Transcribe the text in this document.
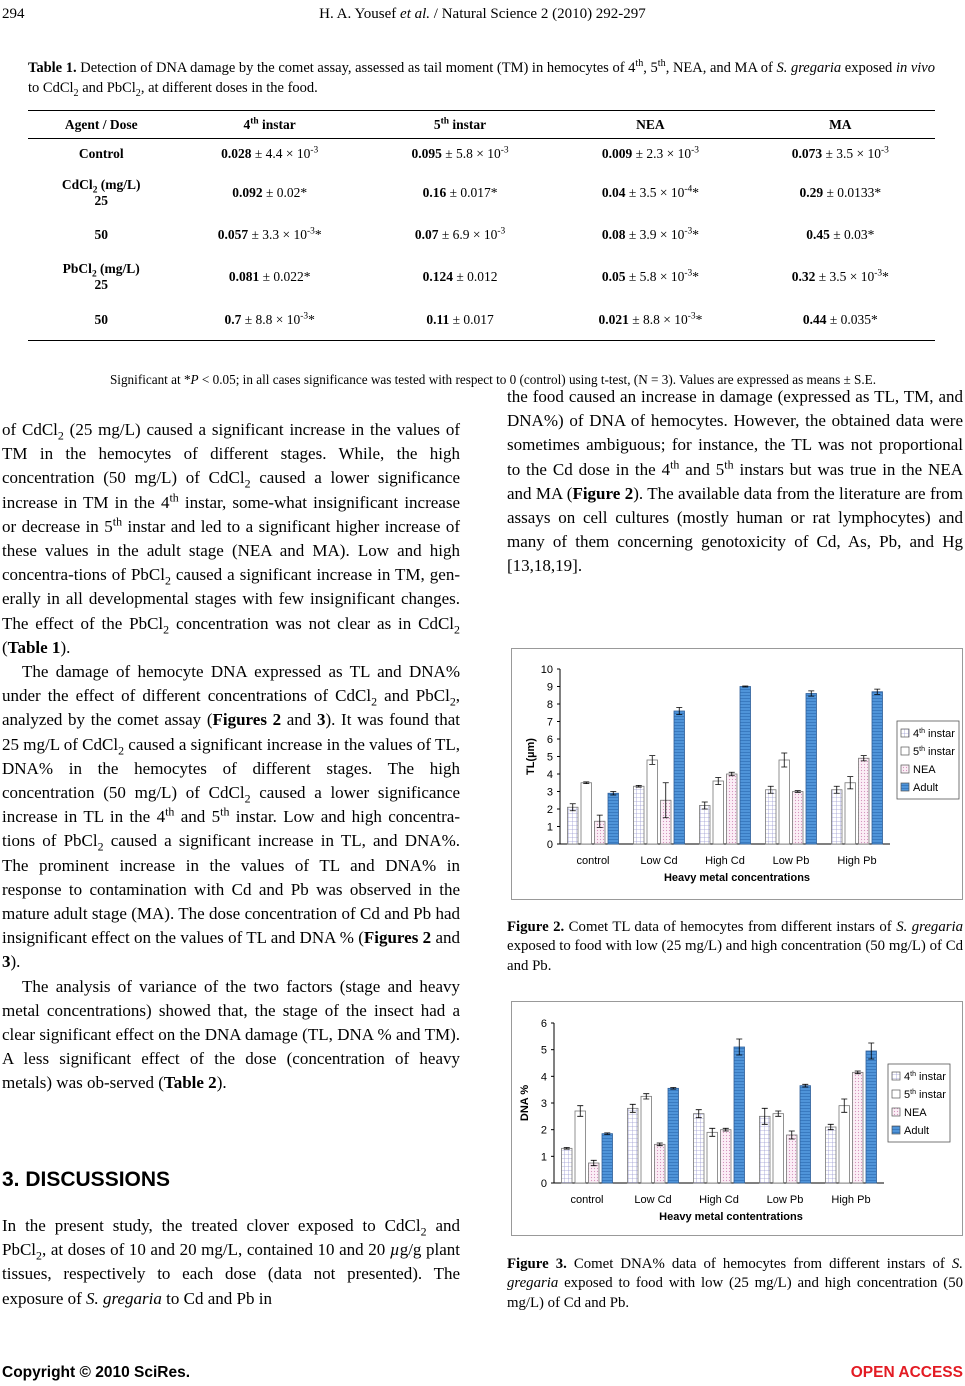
294	H. A. Yousef et al. / Natural Science 2 (2010) 292-297
Table 1. Detection of DNA damage by the comet assay, assessed as tail moment (TM) in hemocytes of 4th, 5th, NEA, and MA of S. gregaria exposed in vivo to CdCl$_2$ and PbCl$_2$, at different doses in the food.
Agent / Dose	4th instar	5th instar	NEA	MA
Control	$0.028 \pm 4.4 \times 10^{-3}$	$0.095 \pm 5.8 \times 10^{-3}$	$0.009 \pm 2.3 \times 10^{-3}$	$0.073 \pm 3.5 \times 10^{-3}$
CdCl$_2$ (mg/L)
25	0.092 ± 0.02*	0.16 ± 0.017*	$0.04 \pm 3.5 \times 10^{-4}*$	0.29 ± 0.0133*
50	$0.057 \pm 3.3 \times 10^{-3}*$	$0.07 \pm 6.9 \times 10^{-3}$	$0.08 \pm 3.9 \times 10^{-3}*$	0.45 ± 0.03*
PbCl$_2$ (mg/L)
25	0.081 ± 0.022*	0.124 ± 0.012	$0.05 \pm 5.8 \times 10^{-3}*$	$0.32 \pm 3.5 \times 10^{-3}*$
50	$0.7 \pm 8.8 \times 10^{-3}*$	0.11 ± 0.017	$0.021 \pm 8.8 \times 10^{-3}*$	0.44 ± 0.035*
Significant at *P < 0.05; in all cases significance was tested with respect to 0 (control) using t-test, (N = 3). Values are expressed as means ± S.E.

of CdCl$_2$ (25 mg/L) caused a significant increase in the values of TM in the hemocytes of different stages. While, the high concentration (50 mg/L) of CdCl$_2$ caused a lower significance increase in TM in the 4th instar, some-what insignificant increase or decrease in 5th instar and led to a significant higher increase of these values in the adult stage (NEA and MA). Low and high concentra-tions of PbCl$_2$ caused a significant increase in TM, gen-erally in all developmental stages with few insignificant changes. The effect of the PbCl$_2$ concentration was not clear as in CdCl$_2$ (Table 1).

The damage of hemocyte DNA expressed as TL and DNA% under the effect of different concentrations of CdCl$_2$ and PbCl$_2$, analyzed by the comet assay (Figures 2 and 3). It was found that 25 mg/L of CdCl$_2$ caused a significant increase in the values of TL, DNA% in the hemocytes of different stages. The high concentration (50 mg/L) of CdCl$_2$ caused a lower significance increase in TL in the 4th and 5th instar. Low and high concentra-tions of PbCl$_2$ caused a significant increase in TL, and DNA%. The prominent increase in the values of TL and DNA% in response to contamination with Cd and Pb was observed in the mature adult stage (MA). The dose concentration of Cd and Pb had insignificant effect on the values of TL and DNA % (Figures 2 and 3).

The analysis of variance of the two factors (stage and heavy metal concentrations) showed that, the stage of the insect had a clear significant effect on the DNA damage (TL, DNA % and TM). A less significant effect of the dose (concentration of heavy metals) was ob-served (Table 2).

3. DISCUSSIONS

In the present study, the treated clover exposed to CdCl$_2$ and PbCl$_2$, at doses of 10 and 20 mg/L, contained 10 and 20 µg/g plant tissues, respectively to each dose (data not presented). The exposure of S. gregaria to Cd and Pb in

the food caused an increase in damage (expressed as TL, TM, and DNA%) of DNA of hemocytes. However, the obtained data were sometimes ambiguous; for instance, the TL was not proportional to the Cd dose in the 4th and 5th instars but was true in the NEA and MA (Figure 2). The available data from the literature are from assays on cell cultures (mostly human or rat lymphocytes) and many of them concerning genotoxicity of Cd, As, Pb, and Hg [13,18,19].

0
1
2
3
4
5
6
7
8
9
10
TL(µm)
control	Low Cd High Cd	Low Pb	High Pb
Heavy metal concentrations
4th instar
5th instar
NEA
Adult
Figure 2. Comet TL data of hemocytes from different instars of S. gregaria exposed to food with low (25 mg/L) and high concentration (50 mg/L) of Cd and Pb.
0
1
2
3
4
5
6
DNA %
control	Low Cd High Cd	Low Pb	High Pb
Heavy metal contentrations
4th instar
5th instar
NEA
Adult
Figure 3. Comet DNA% data of hemocytes from different instars of S. gregaria exposed to food with low (25 mg/L) and high concentration (50 mg/L) of Cd and Pb.
Copyright © 2010 SciRes.	OPEN ACCESS
